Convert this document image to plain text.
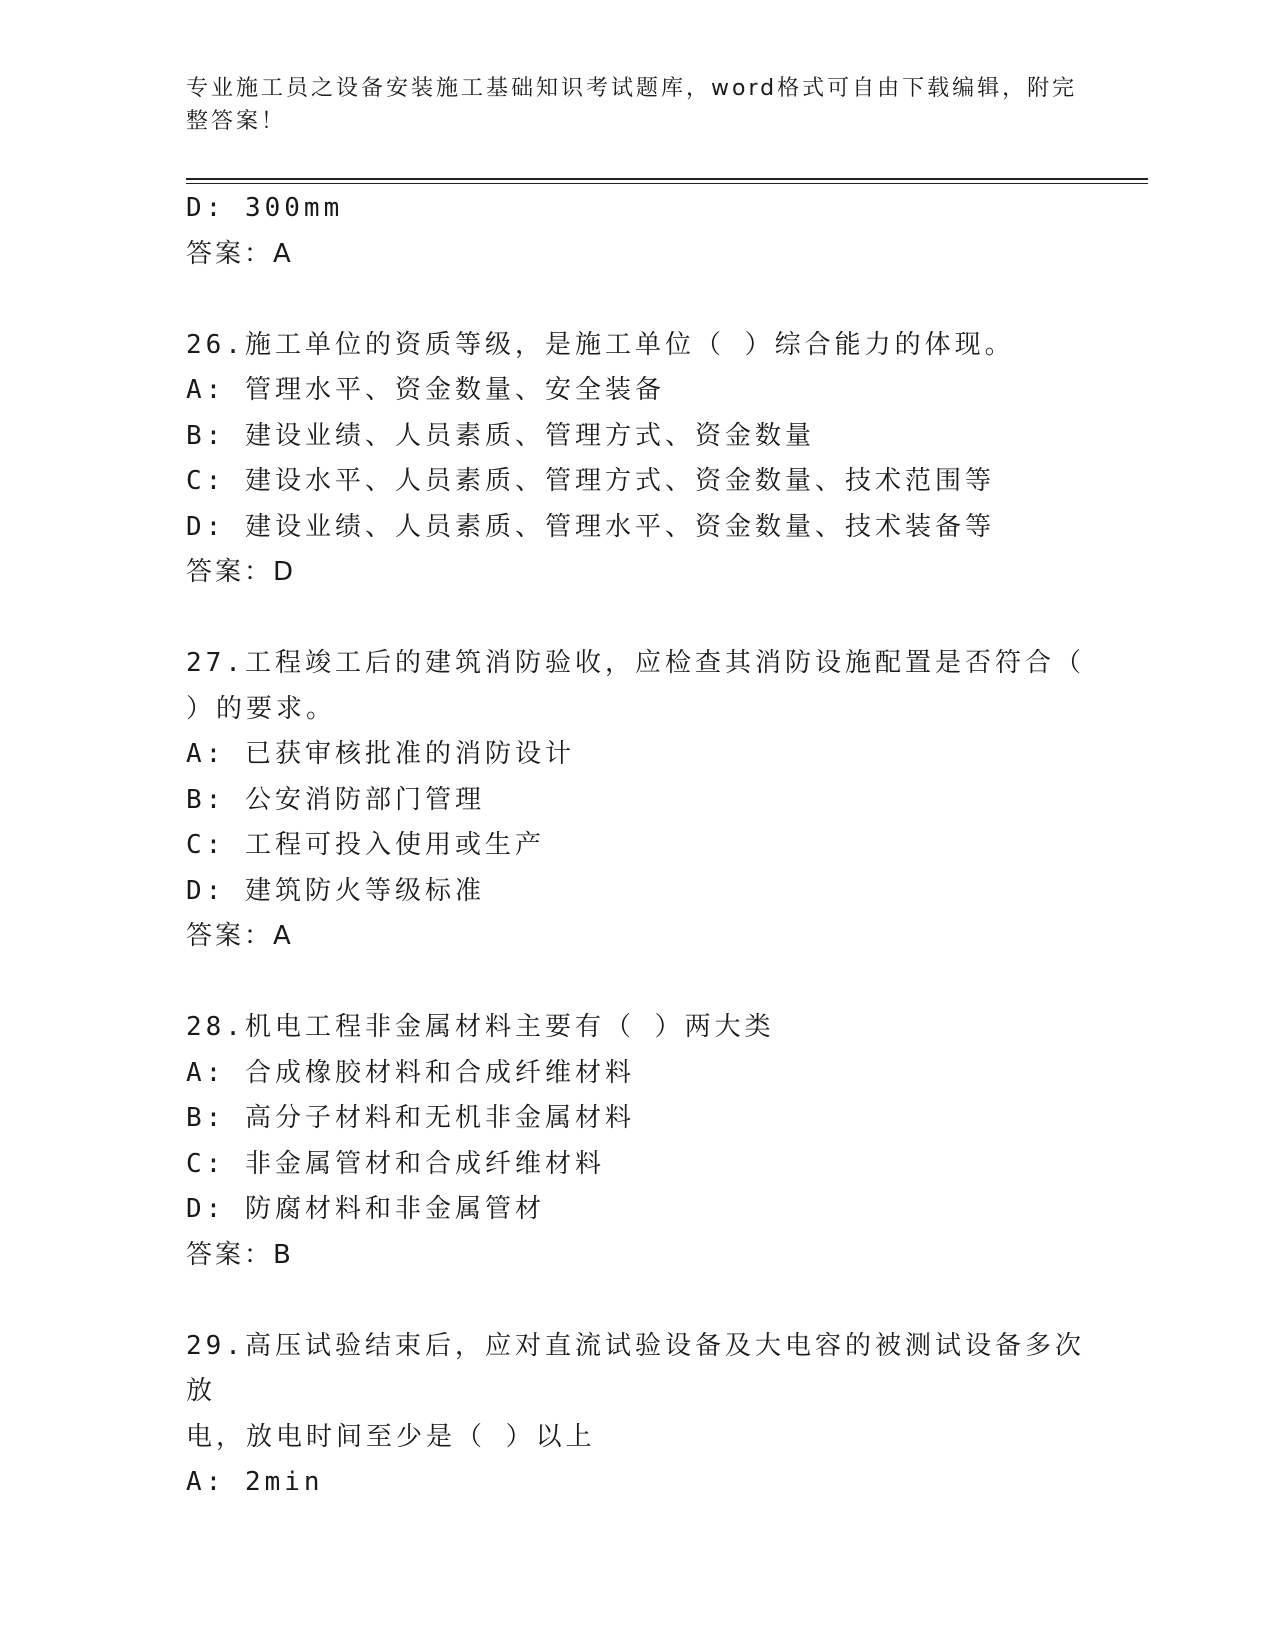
专业施工员之设备安装施工基础知识考试题库，word格式可自由下载编辑，附完
整答案！
D: 300mm
答案：A
26.施工单位的资质等级，是施工单位（ ）综合能力的体现。
A: 管理水平、资金数量、安全装备
B: 建设业绩、人员素质、管理方式、资金数量
C: 建设水平、人员素质、管理方式、资金数量、技术范围等
D: 建设业绩、人员素质、管理水平、资金数量、技术装备等
答案：D
27.工程竣工后的建筑消防验收，应检查其消防设施配置是否符合（
）的要求。
A: 已获审核批准的消防设计
B: 公安消防部门管理
C: 工程可投入使用或生产
D: 建筑防火等级标准
答案：A
28.机电工程非金属材料主要有（ ）两大类
A: 合成橡胶材料和合成纤维材料
B: 高分子材料和无机非金属材料
C: 非金属管材和合成纤维材料
D: 防腐材料和非金属管材
答案：B
29.高压试验结束后，应对直流试验设备及大电容的被测试设备多次放
电，放电时间至少是（ ）以上
A: 2min
